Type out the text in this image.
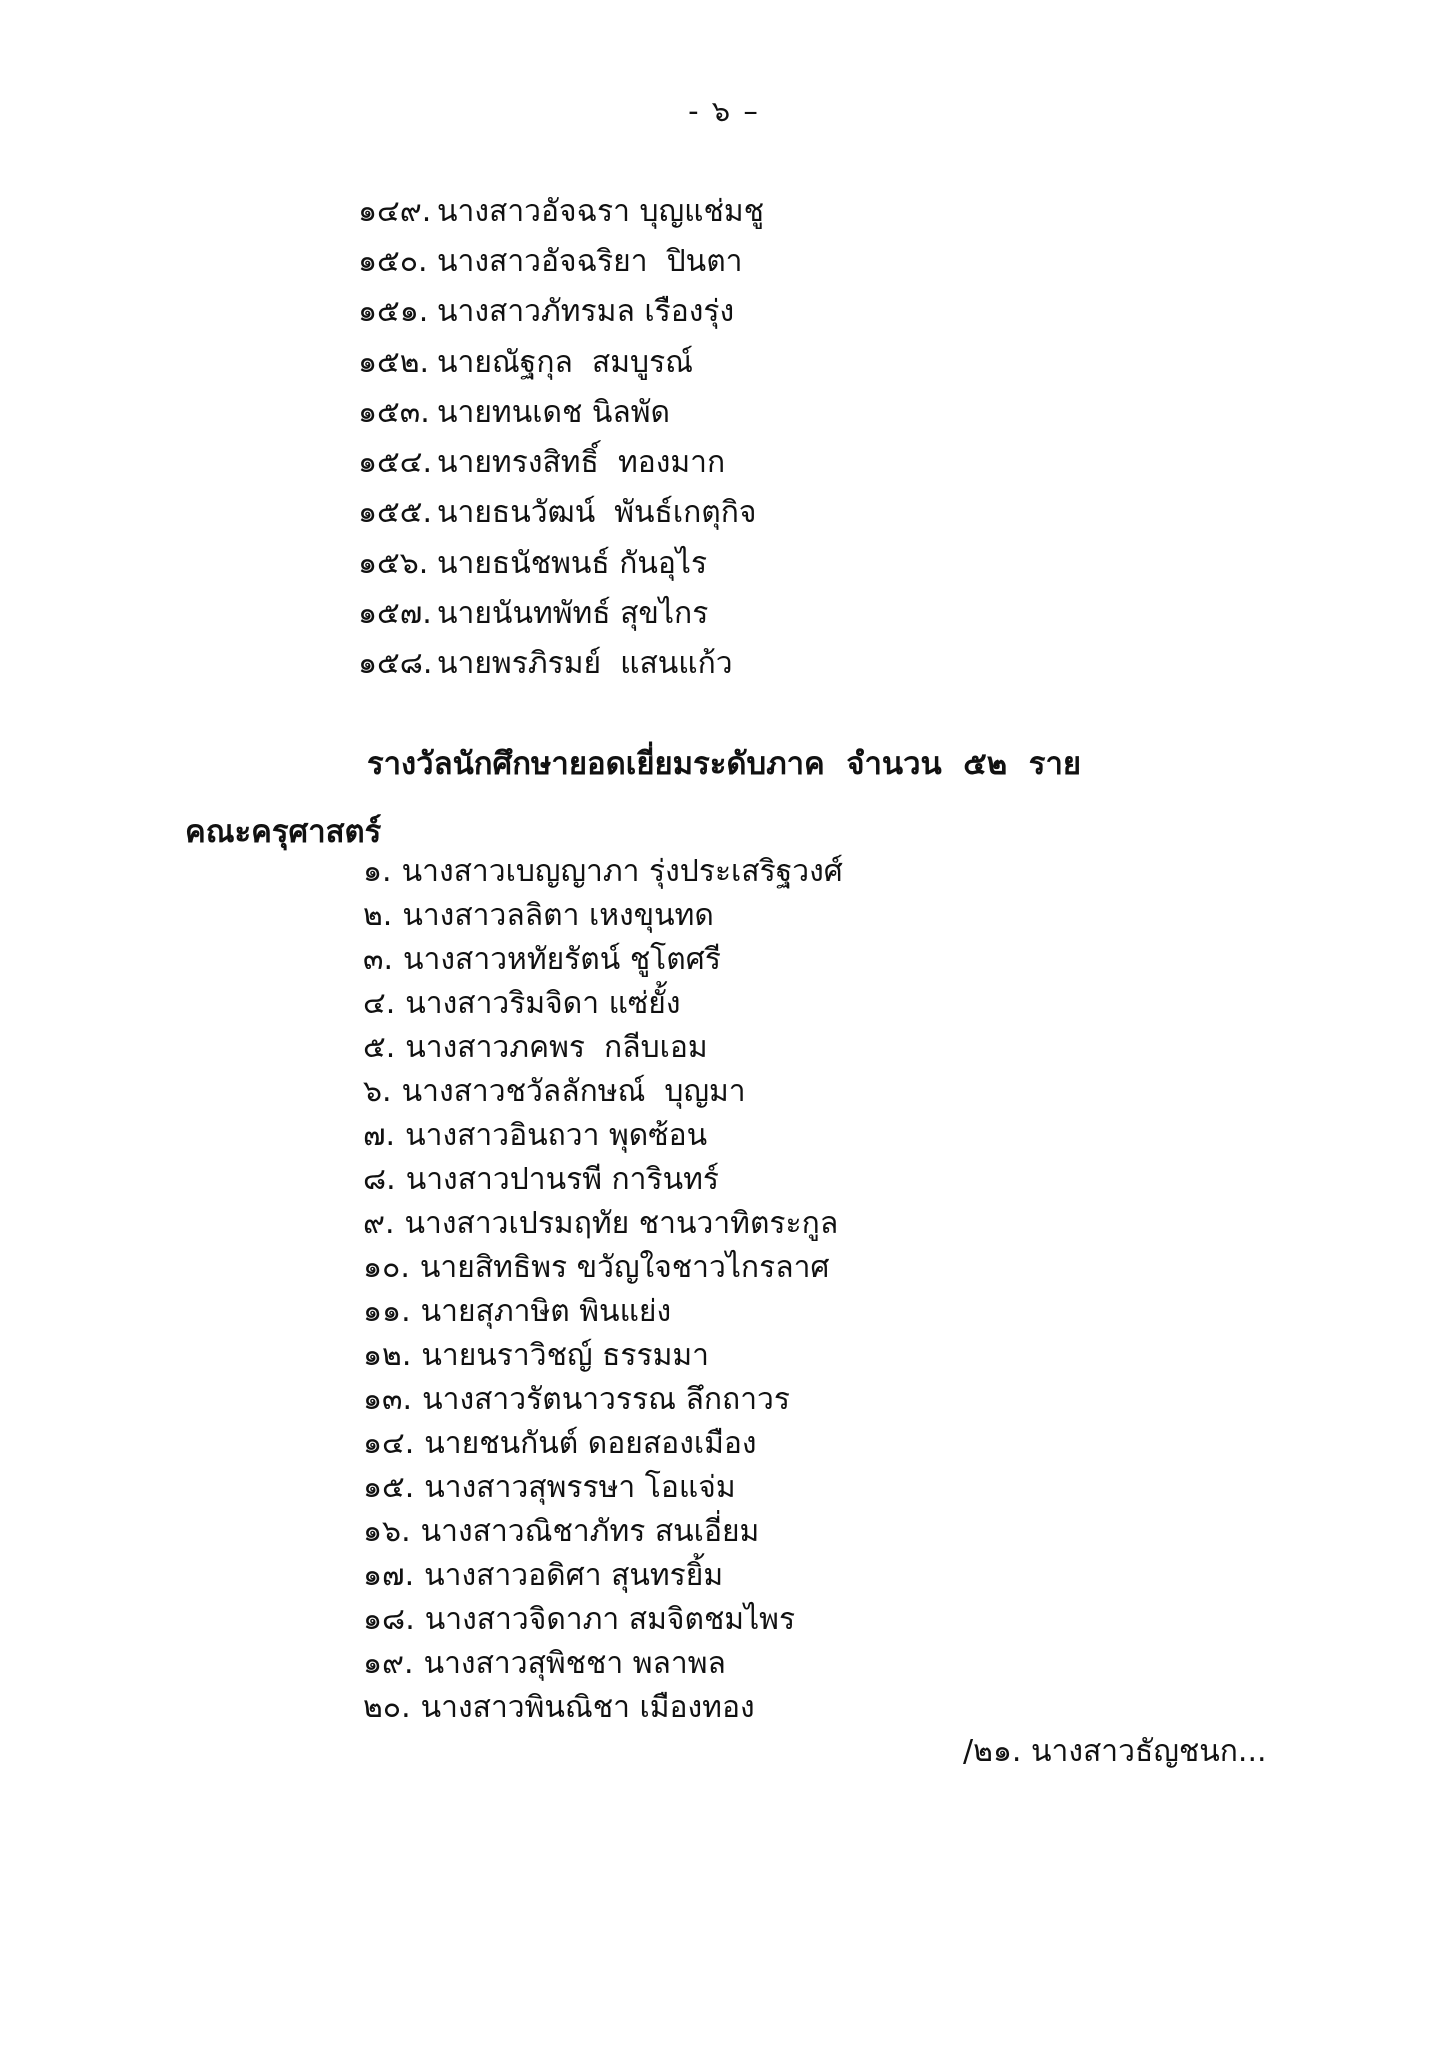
- ๖ –
๑๔๙. นางสาวอัจฉรา บุญแช่มชู
๑๕๐. นางสาวอัจฉริยา  ปินตา
๑๕๑. นางสาวภัทรมล เรืองรุ่ง
๑๕๒. นายณัฐกุล  สมบูรณ์
๑๕๓. นายทนเดช นิลพัด
๑๕๔. นายทรงสิทธิ์  ทองมาก
๑๕๕. นายธนวัฒน์  พันธ์เกตุกิจ
๑๕๖. นายธนัชพนธ์ กันอุไร
๑๕๗. นายนันทพัทธ์ สุขไกร
๑๕๘. นายพรภิรมย์  แสนแก้ว
รางวัลนักศึกษายอดเยี่ยมระดับภาค  จำนวน  ๕๒  ราย
คณะครุศาสตร์
๑. นางสาวเบญญาภา รุ่งประเสริฐวงศ์
๒. นางสาวลลิตา เหงขุนทด
๓. นางสาวหทัยรัตน์ ชูโตศรี
๔. นางสาวริมจิดา แซ่ยั้ง
๕. นางสาวภคพร  กลีบเอม
๖. นางสาวชวัลลักษณ์  บุญมา
๗. นางสาวอินถวา พุดซ้อน
๘. นางสาวปานรพี การินทร์
๙. นางสาวเปรมฤทัย ชานวาทิตระกูล
๑๐. นายสิทธิพร ขวัญใจชาวไกรลาศ
๑๑. นายสุภาษิต พินแย่ง
๑๒. นายนราวิชญ์ ธรรมมา
๑๓. นางสาวรัตนาวรรณ ลึกถาวร
๑๔. นายชนกันต์ ดอยสองเมือง
๑๕. นางสาวสุพรรษา โอแจ่ม
๑๖. นางสาวณิชาภัทร สนเอี่ยม
๑๗. นางสาวอดิศา สุนทรยิ้ม
๑๘. นางสาวจิดาภา สมจิตชมไพร
๑๙. นางสาวสุพิชชา พลาพล
๒๐. นางสาวพินณิชา เมืองทอง
/๒๑. นางสาวธัญชนก...
